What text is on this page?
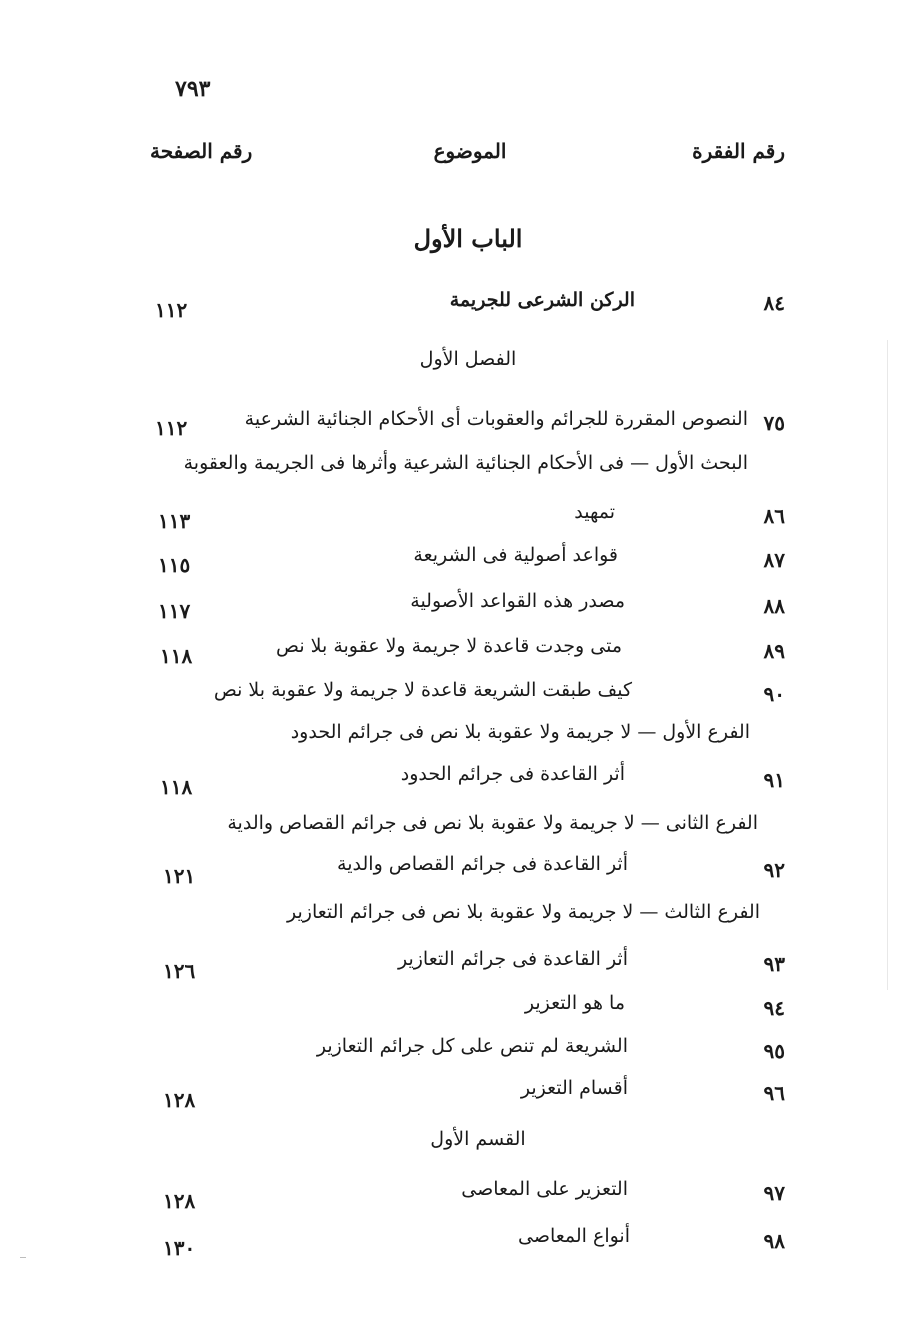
٧٩٣
رقم الفقرة
الموضوع
رقم الصفحة
الباب الأول
٨٤
الركن الشرعى للجريمة
١١٢
الفصل الأول
٧٥
النصوص المقررة للجرائم والعقوبات أى الأحكام الجنائية الشرعية
١١٢
البحث الأول — فى الأحكام الجنائية الشرعية وأثرها فى الجريمة والعقوبة
٨٦
تمهيد
١١٣
٨٧
قواعد أصولية فى الشريعة
١١٥
٨٨
مصدر هذه القواعد الأصولية
١١٧
٨٩
متى وجدت قاعدة لا جريمة ولا عقوبة بلا نص
١١٨
٩٠
كيف طبقت الشريعة قاعدة لا جريمة ولا عقوبة بلا نص
الفرع الأول — لا جريمة ولا عقوبة بلا نص فى جرائم الحدود
٩١
أثر القاعدة فى جرائم الحدود
١١٨
الفرع الثانى — لا جريمة ولا عقوبة بلا نص فى جرائم القصاص والدية
٩٢
أثر القاعدة فى جرائم القصاص والدية
١٢١
الفرع الثالث — لا جريمة ولا عقوبة بلا نص فى جرائم التعازير
٩٣
أثر القاعدة فى جرائم التعازير
١٢٦
٩٤
ما هو التعزير
٩٥
الشريعة لم تنص على كل جرائم التعازير
٩٦
أقسام التعزير
١٢٨
القسم الأول
٩٧
التعزير على المعاصى
١٢٨
٩٨
أنواع المعاصى
١٣٠
